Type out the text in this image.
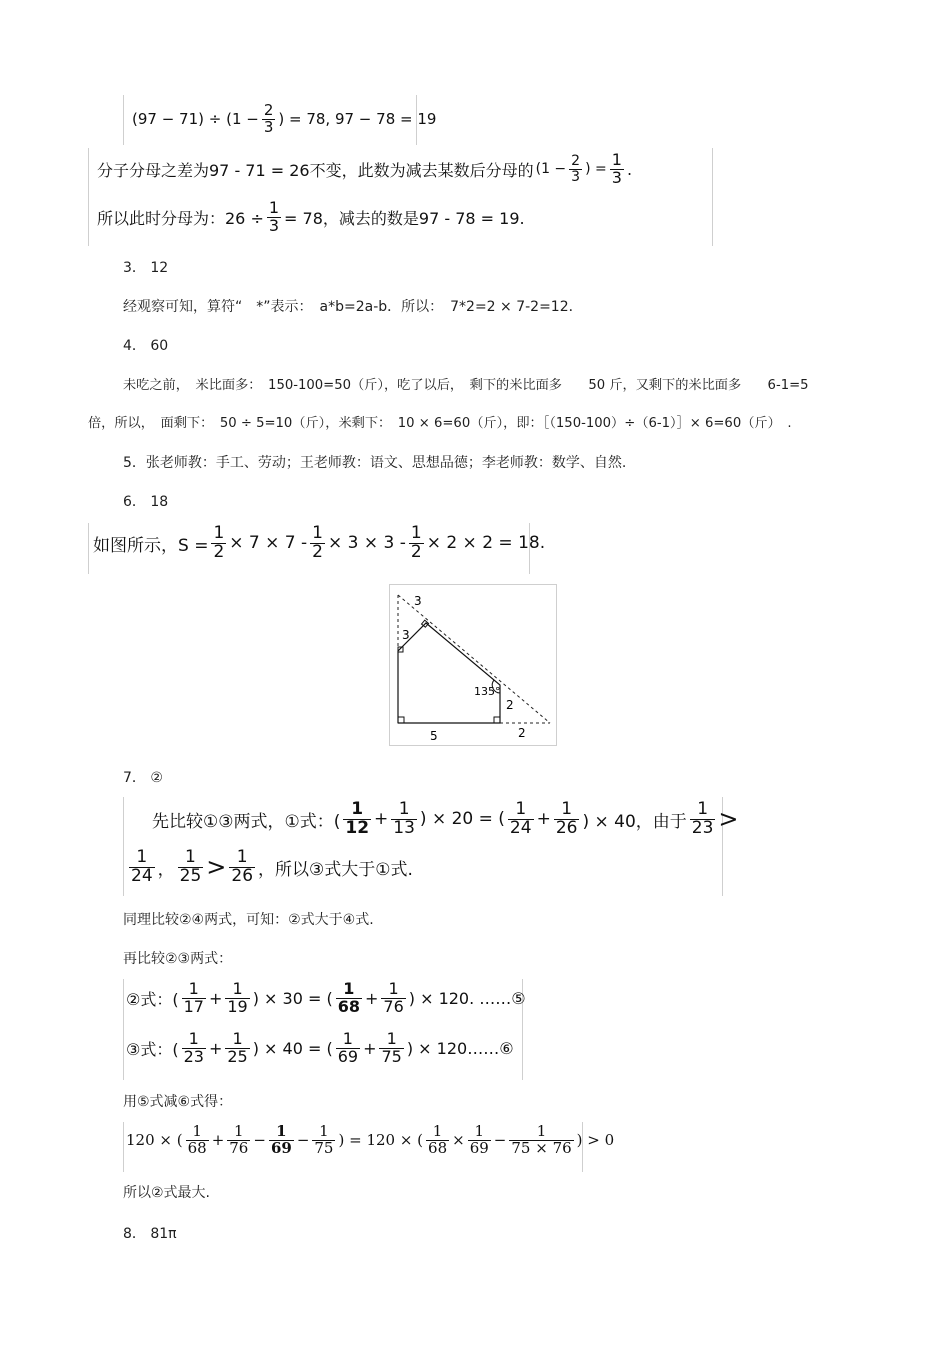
$(97 - 71) \div (1 - \frac{2}{3}$ ) = 78, 97 − 78 = 19
分子分母之差为97 - 71 = 26不变，此数为减去某数后分母的 ($1 - \frac{2}{3}$ ) = $\frac{1}{3}$ .
所以此时分母为：$26 \div \frac{1}{3} = 78$，减去的数是97 - 78 = 19.
3． 12
经观察可知，算符“　*”表示：　a*b=2a-b．所以：　7*2=2 × 7-2=12．
4． 60
未吃之前，　米比面多：　150-100=50（斤），吃了以后，　剩下的米比面多　　50 斤，又剩下的米比面多　　6-1=5
倍，所以，　面剩下：　50 ÷ 5=10（斤），米剩下：　10 × 6=60（斤），即：［（150-100）÷（6-1）］× 6=60（斤）　.
5．张老师教：手工、劳动；王老师教：语文、思想品德；李老师教：数学、自然.
6． 18
如图所示，$S = \frac{1}{2} \times 7 \times 7 - \frac{1}{2} \times 3 \times 3 - \frac{1}{2} \times 2 \times 2 = 18$.
3
3
135°
2
5	2
7． ②
先比较①③两式，①式：( $\frac{1}{12} + \frac{1}{13}$ ) × 20 = ( $\frac{1}{24} + \frac{1}{26}$ ) × 40，由于 $\frac{1}{23}$ >
$\frac{1}{24}$ ， $\frac{1}{25} > \frac{1}{26}$ ，所以③式大于①式.
同理比较②④两式，可知：②式大于④式.
再比较②③两式：
②式：( $\frac{1}{17} + \frac{1}{19}$ ) × 30 = ( $\frac{1}{68} + \frac{1}{76}$ ) × 120. ……⑤
③式：( $\frac{1}{23} + \frac{1}{25}$ ) × 40 = ( $\frac{1}{69} + \frac{1}{75}$ ) × 120……⑥
用⑤式减⑥式得：
120 × ( $\frac{1}{68} + \frac{1}{76} - \frac{1}{69} - \frac{1}{75}$ ) = 120 × ( $\frac{1}{68} \times \frac{1}{69} - \frac{1}{75 \times 76}$ ) > 0
所以②式最大.
8． 81π
